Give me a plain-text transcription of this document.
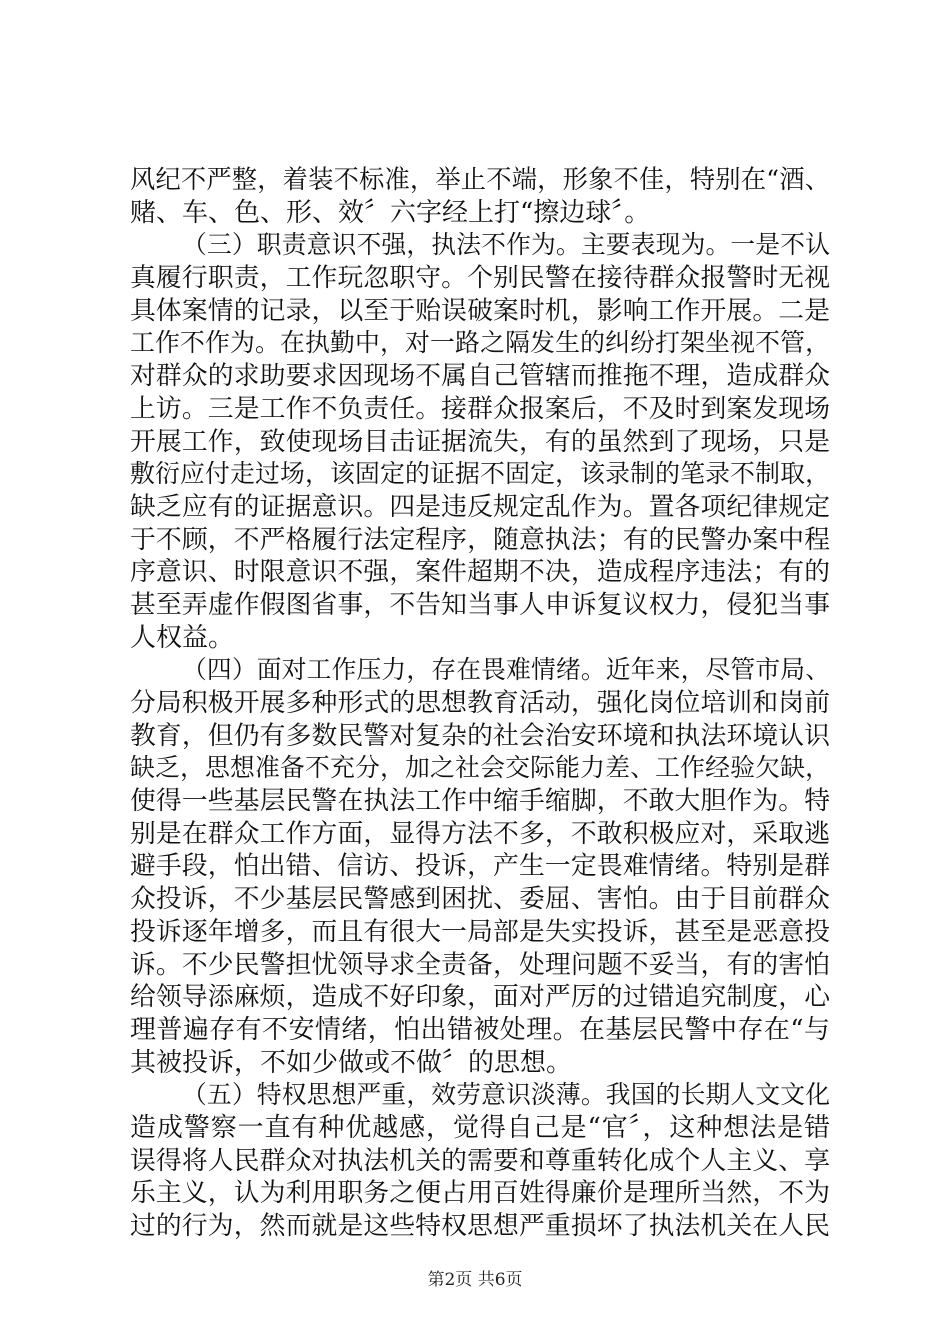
风纪不严整，着装不标准，举止不端，形象不佳，特别在“酒、
赌、车、色、形、效〞六字经上打“擦边球〞。
（三）职责意识不强，执法不作为。主要表现为。一是不认
真履行职责，工作玩忽职守。个别民警在接待群众报警时无视
具体案情的记录，以至于贻误破案时机，影响工作开展。二是
工作不作为。在执勤中，对一路之隔发生的纠纷打架坐视不管，
对群众的求助要求因现场不属自己管辖而推拖不理，造成群众
上访。三是工作不负责任。接群众报案后，不及时到案发现场
开展工作，致使现场目击证据流失，有的虽然到了现场，只是
敷衍应付走过场，该固定的证据不固定，该录制的笔录不制取，
缺乏应有的证据意识。四是违反规定乱作为。置各项纪律规定
于不顾，不严格履行法定程序，随意执法；有的民警办案中程
序意识、时限意识不强，案件超期不决，造成程序违法；有的
甚至弄虚作假图省事，不告知当事人申诉复议权力，侵犯当事
人权益。
（四）面对工作压力，存在畏难情绪。近年来，尽管市局、
分局积极开展多种形式的思想教育活动，强化岗位培训和岗前
教育，但仍有多数民警对复杂的社会治安环境和执法环境认识
缺乏，思想准备不充分，加之社会交际能力差、工作经验欠缺，
使得一些基层民警在执法工作中缩手缩脚，不敢大胆作为。特
别是在群众工作方面，显得方法不多，不敢积极应对，采取逃
避手段，怕出错、信访、投诉，产生一定畏难情绪。特别是群
众投诉，不少基层民警感到困扰、委屈、害怕。由于目前群众
投诉逐年增多，而且有很大一局部是失实投诉，甚至是恶意投
诉。不少民警担忧领导求全责备，处理问题不妥当，有的害怕
给领导添麻烦，造成不好印象，面对严厉的过错追究制度，心
理普遍存有不安情绪，怕出错被处理。在基层民警中存在“与
其被投诉，不如少做或不做〞的思想。
（五）特权思想严重，效劳意识淡薄。我国的长期人文文化
造成警察一直有种优越感，觉得自己是“官〞，这种想法是错
误得将人民群众对执法机关的需要和尊重转化成个人主义、享
乐主义，认为利用职务之便占用百姓得廉价是理所当然，不为
过的行为，然而就是这些特权思想严重损坏了执法机关在人民
第2页 共6页
